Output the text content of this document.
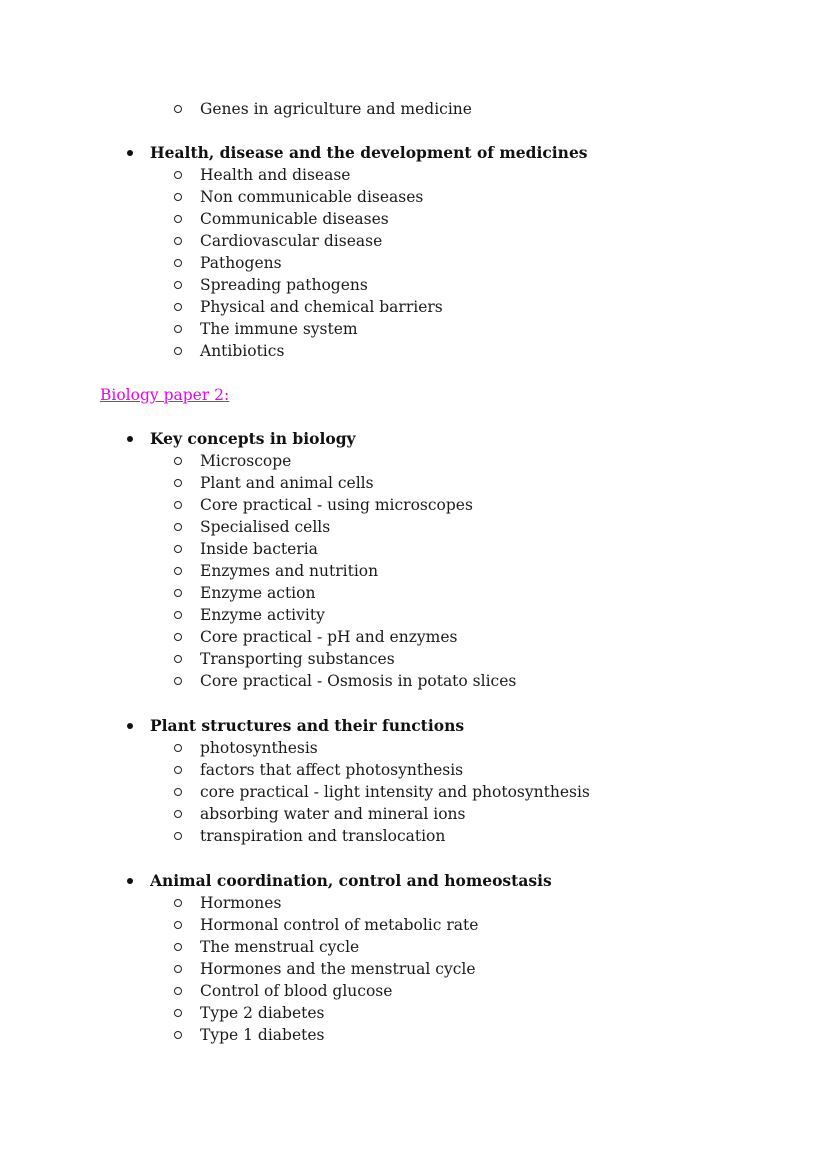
Genes in agriculture and medicine
Health, disease and the development of medicines
Health and disease
Non communicable diseases
Communicable diseases
Cardiovascular disease
Pathogens
Spreading pathogens
Physical and chemical barriers
The immune system
Antibiotics
Biology paper 2:
Key concepts in biology
Microscope
Plant and animal cells
Core practical - using microscopes
Specialised cells
Inside bacteria
Enzymes and nutrition
Enzyme action
Enzyme activity
Core practical - pH and enzymes
Transporting substances
Core practical - Osmosis in potato slices
Plant structures and their functions
photosynthesis
factors that affect photosynthesis
core practical - light intensity and photosynthesis
absorbing water and mineral ions
transpiration and translocation
Animal coordination, control and homeostasis
Hormones
Hormonal control of metabolic rate
The menstrual cycle
Hormones and the menstrual cycle
Control of blood glucose
Type 2 diabetes
Type 1 diabetes
